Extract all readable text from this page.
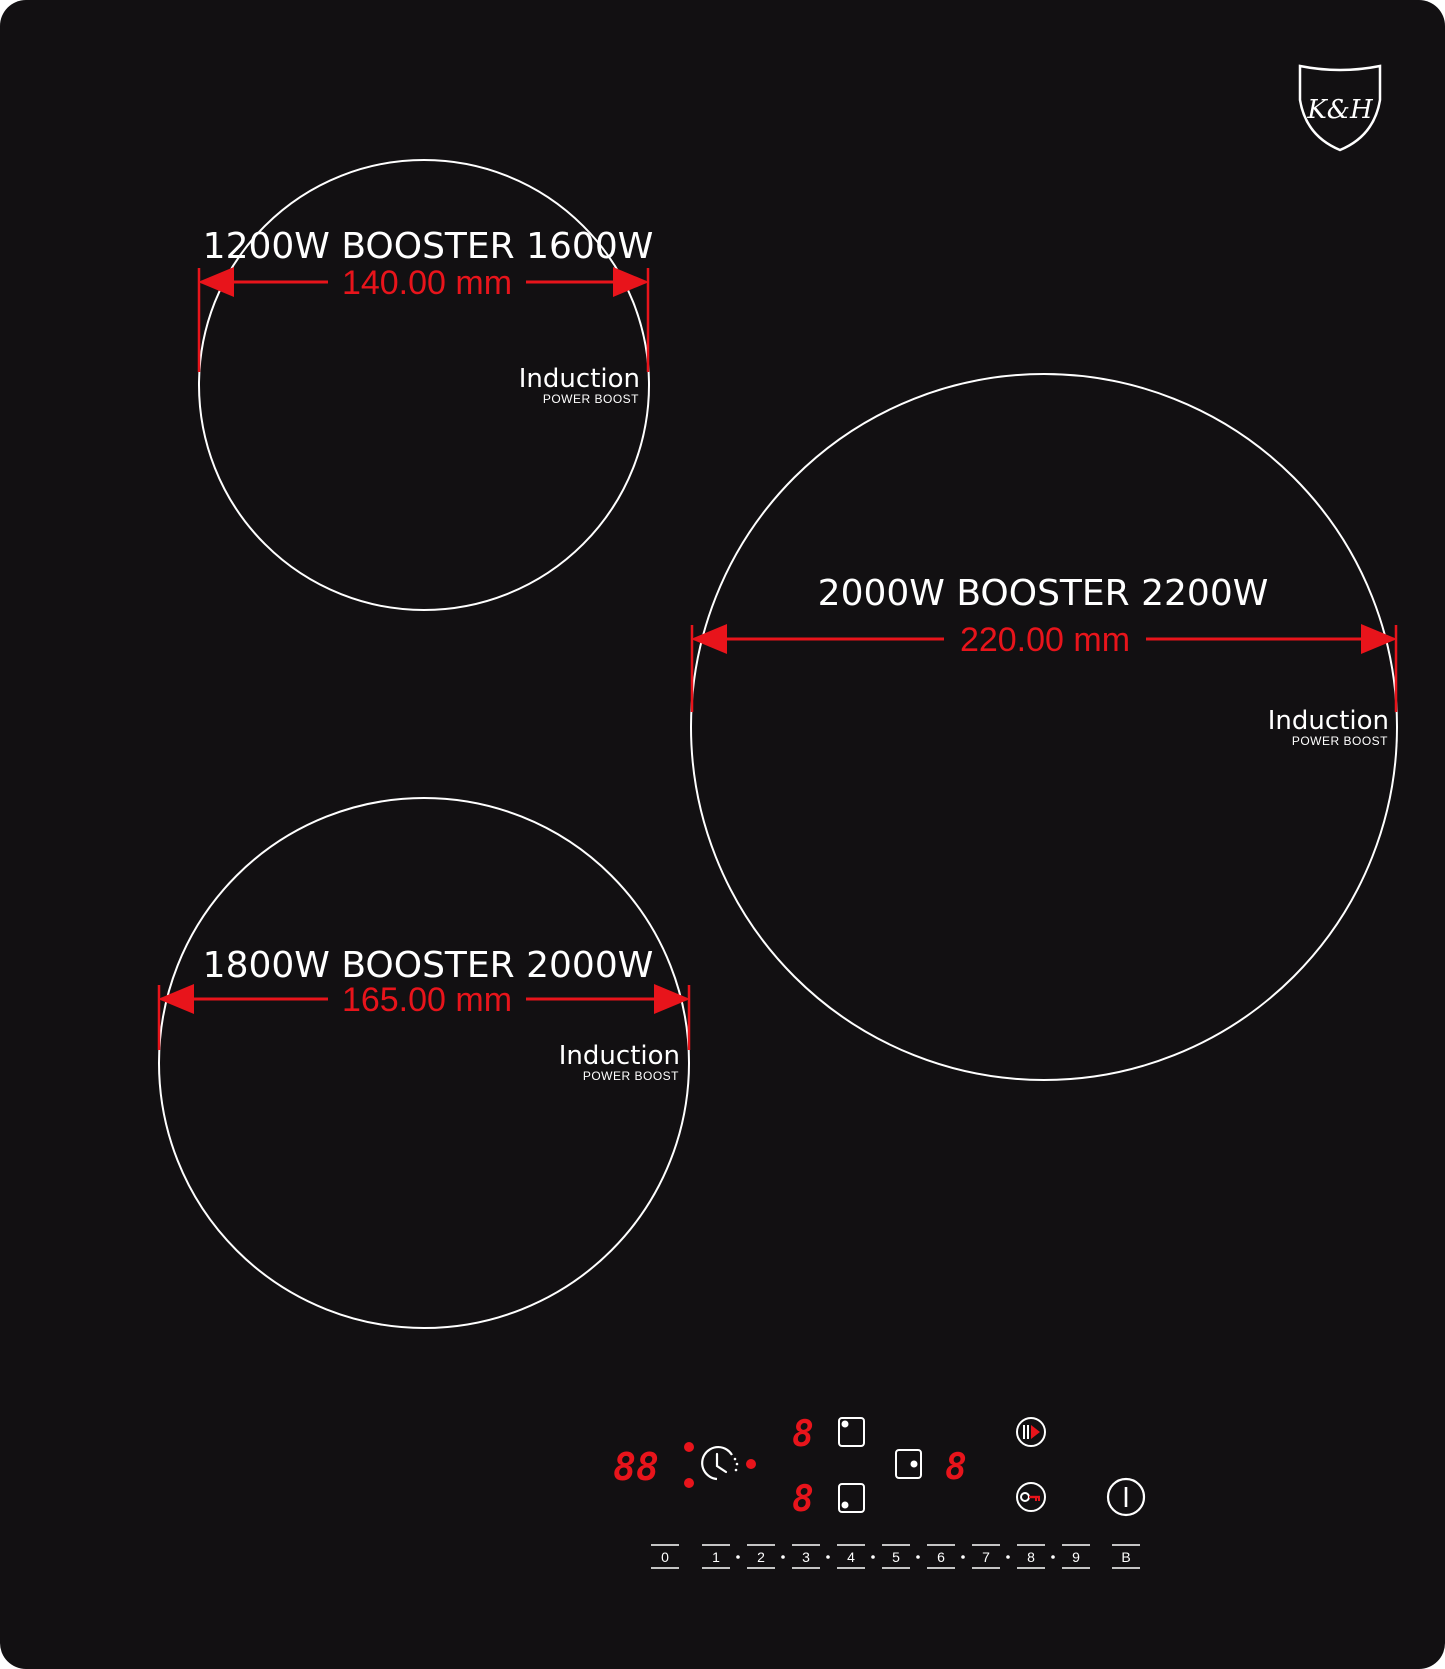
K&H
1200W BOOSTER 1600W
140.00 mm
Induction
POWER BOOST
2000W BOOSTER 2200W
220.00 mm
Induction
POWER BOOST
1800W BOOSTER 2000W
165.00 mm
Induction
POWER BOOST
88
8
8
8
0	1	2	3	4	5	6	7	8	9	B
